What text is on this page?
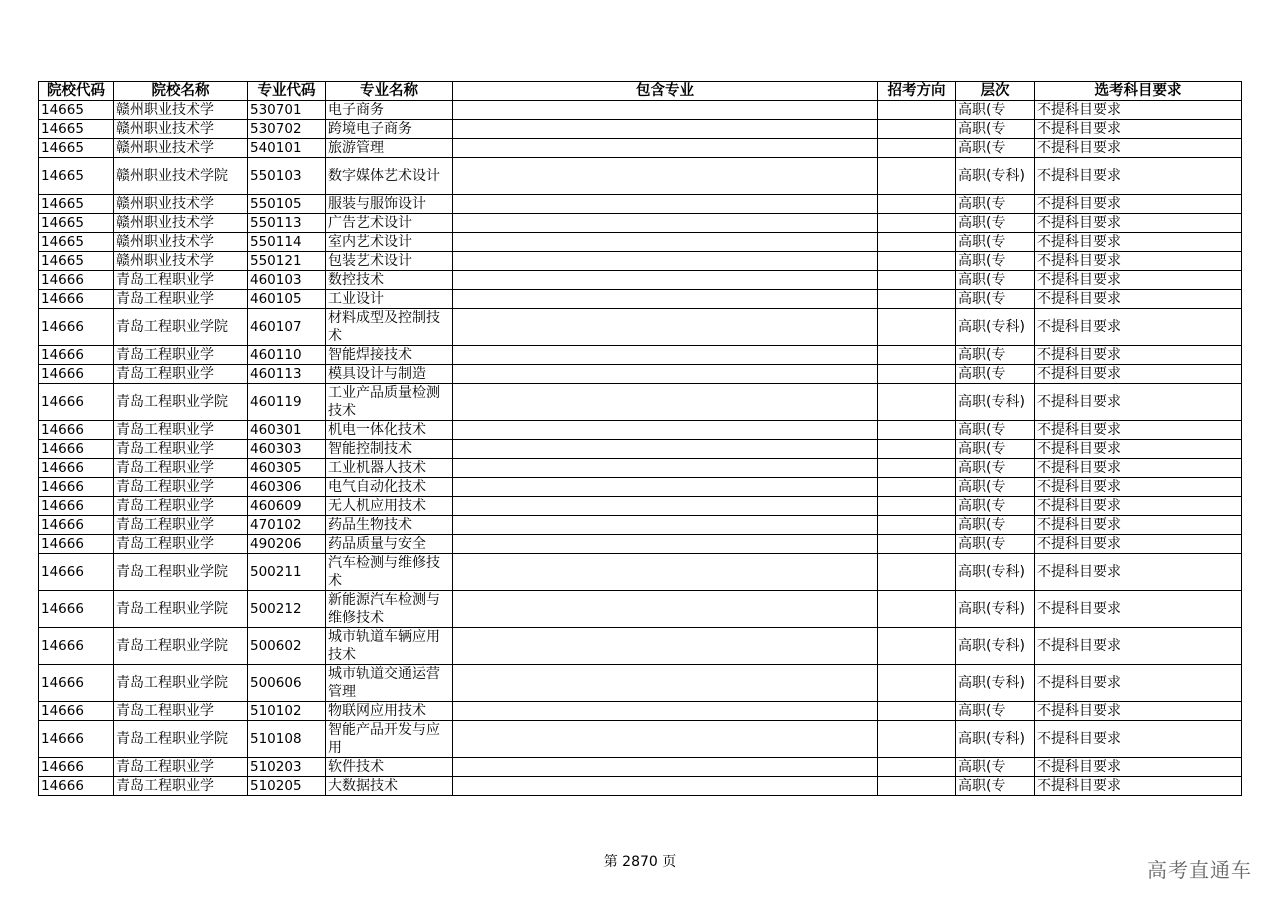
院校代码	院校名称	专业代码	专业名称	包含专业	招考方向	层次	选考科目要求
14665	赣州职业技术学	530701	电子商务			高职(专	不提科目要求
14665	赣州职业技术学	530702	跨境电子商务			高职(专	不提科目要求
14665	赣州职业技术学	540101	旅游管理			高职(专	不提科目要求
14665	赣州职业技术学院	550103	数字媒体艺术设计			高职(专科)	不提科目要求
14665	赣州职业技术学	550105	服装与服饰设计			高职(专	不提科目要求
14665	赣州职业技术学	550113	广告艺术设计			高职(专	不提科目要求
14665	赣州职业技术学	550114	室内艺术设计			高职(专	不提科目要求
14665	赣州职业技术学	550121	包装艺术设计			高职(专	不提科目要求
14666	青岛工程职业学	460103	数控技术			高职(专	不提科目要求
14666	青岛工程职业学	460105	工业设计			高职(专	不提科目要求
14666	青岛工程职业学院	460107	材料成型及控制技术			高职(专科)	不提科目要求
14666	青岛工程职业学	460110	智能焊接技术			高职(专	不提科目要求
14666	青岛工程职业学	460113	模具设计与制造			高职(专	不提科目要求
14666	青岛工程职业学院	460119	工业产品质量检测技术			高职(专科)	不提科目要求
14666	青岛工程职业学	460301	机电一体化技术			高职(专	不提科目要求
14666	青岛工程职业学	460303	智能控制技术			高职(专	不提科目要求
14666	青岛工程职业学	460305	工业机器人技术			高职(专	不提科目要求
14666	青岛工程职业学	460306	电气自动化技术			高职(专	不提科目要求
14666	青岛工程职业学	460609	无人机应用技术			高职(专	不提科目要求
14666	青岛工程职业学	470102	药品生物技术			高职(专	不提科目要求
14666	青岛工程职业学	490206	药品质量与安全			高职(专	不提科目要求
14666	青岛工程职业学院	500211	汽车检测与维修技术			高职(专科)	不提科目要求
14666	青岛工程职业学院	500212	新能源汽车检测与维修技术			高职(专科)	不提科目要求
14666	青岛工程职业学院	500602	城市轨道车辆应用技术			高职(专科)	不提科目要求
14666	青岛工程职业学院	500606	城市轨道交通运营管理			高职(专科)	不提科目要求
14666	青岛工程职业学	510102	物联网应用技术			高职(专	不提科目要求
14666	青岛工程职业学院	510108	智能产品开发与应用			高职(专科)	不提科目要求
14666	青岛工程职业学	510203	软件技术			高职(专	不提科目要求
14666	青岛工程职业学	510205	大数据技术			高职(专	不提科目要求
第 2870 页	高考直通车
